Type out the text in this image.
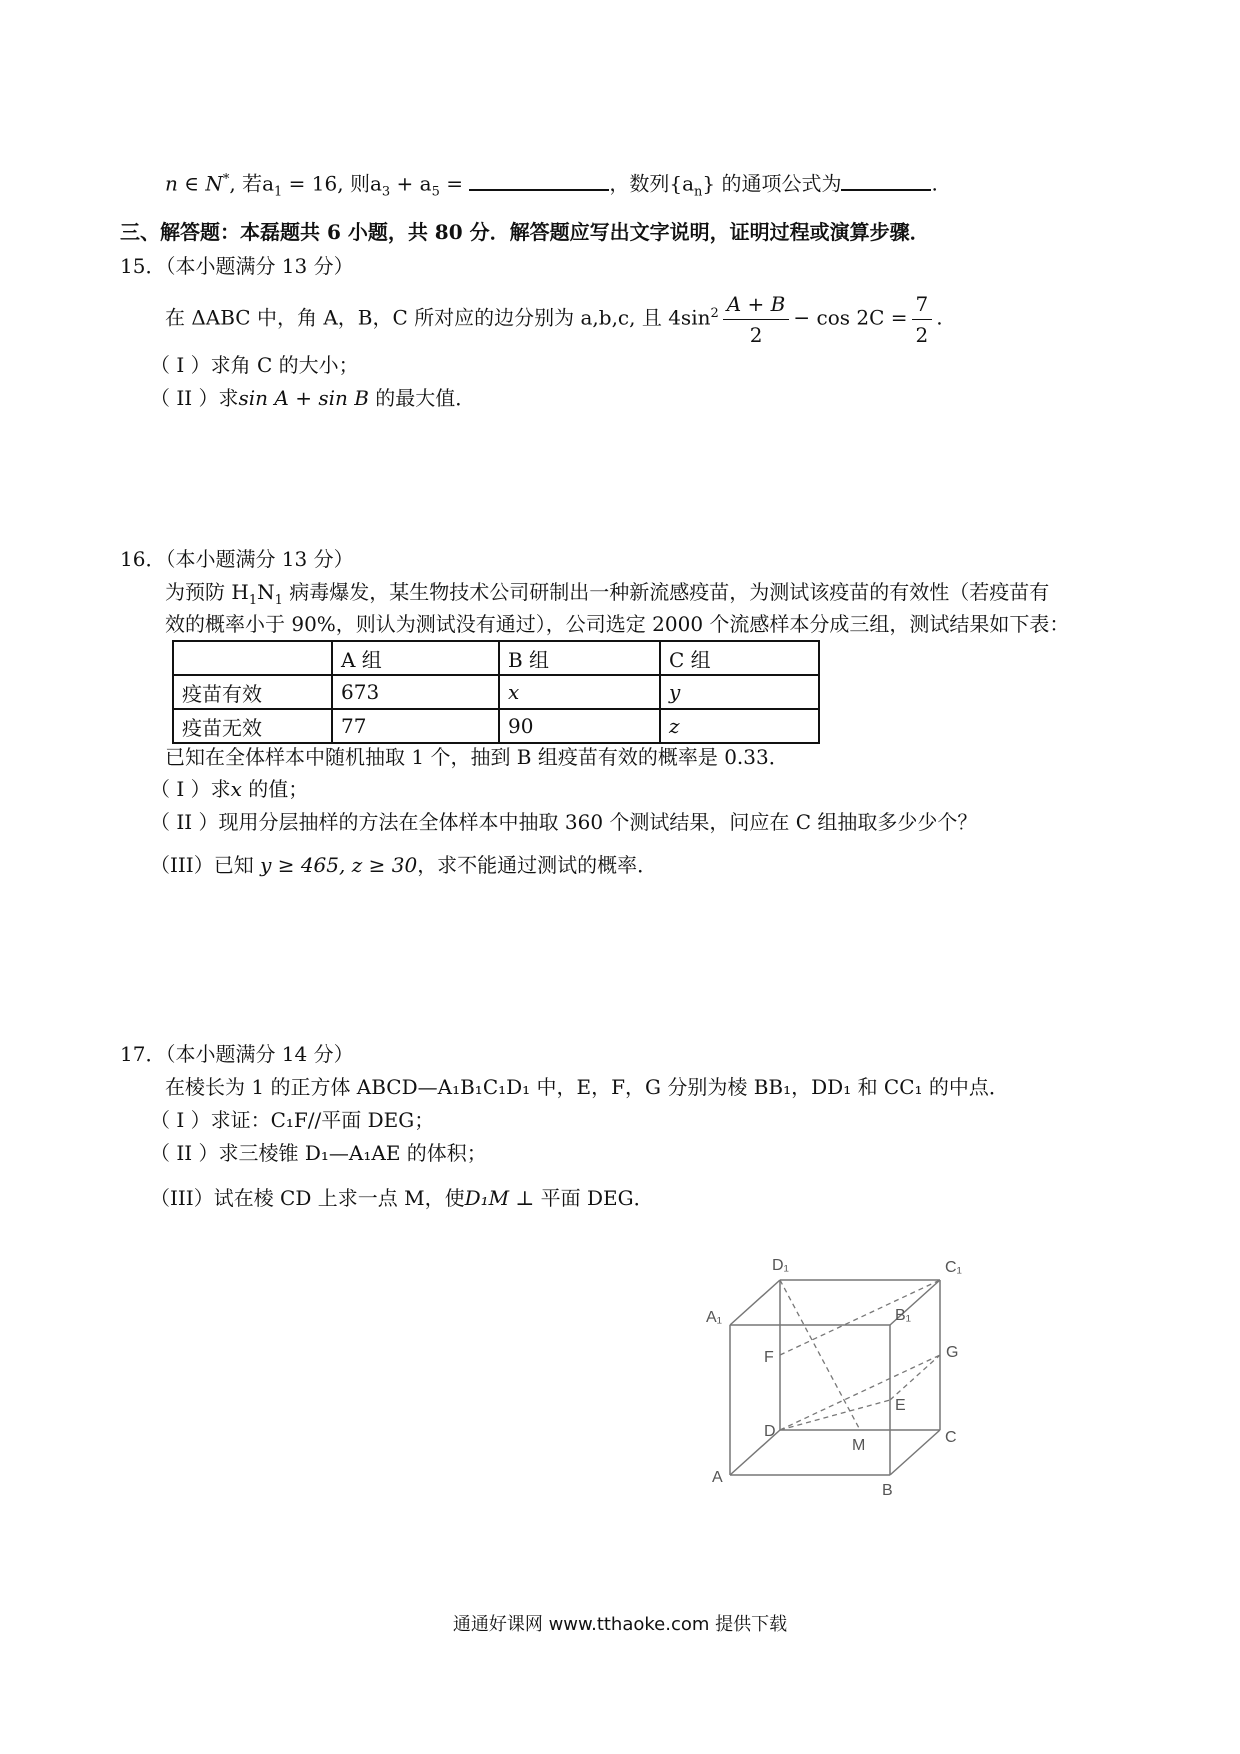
n ∈ N*, 若$a_1 = 16$, 则$a_3 + a_5$ =	，数列$\{a_n\}$ 的通项公式为	.
三、解答题：本磊题共 6 小题，共 80 分．解答题应写出文字说明，证明过程或演算步骤．
15．（本小题满分 13 分）
在 ΔABC 中，角 A，B，C 所对应的边分别为 a,b,c, 且 $4\sin^2 \frac{A + B}{2} - \cos 2C = \frac{7}{2}$ .
（ I ）求角 C 的大小；
（ II ）求sin A + sin B 的最大值．
16．（本小题满分 13 分）
为预防 $H_1N_1$ 病毒爆发，某生物技术公司研制出一种新流感疫苗，为测试该疫苗的有效性（若疫苗有
效的概率小于 90%，则认为测试没有通过），公司选定 2000 个流感样本分成三组，测试结果如下表：
	A 组	B 组	C 组
疫苗有效	673	x	y
疫苗无效	77	90	z
已知在全体样本中随机抽取 1 个，抽到 B 组疫苗有效的概率是 0.33．
（ I ）求x 的值；
（ II ）现用分层抽样的方法在全体样本中抽取 360 个测试结果，问应在 C 组抽取多少少个？
（III）已知 y ≥ 465, z ≥ 30，求不能通过测试的概率．
17．（本小题满分 14 分）
在棱长为 1 的正方体 ABCD—A₁B₁C₁D₁ 中，E，F，G 分别为棱 BB₁，DD₁ 和 CC₁ 的中点．
（ I ）求证：C₁F//平面 DEG；
（ II ）求三棱锥 D₁—A₁AE 的体积；
（III）试在棱 CD 上求一点 M，使D₁M ⊥ 平面 DEG．
D₁	C₁
A₁	B₁
F	G
D
E
M	C
A
B
通通好课网 www.tthaoke.com 提供下载
